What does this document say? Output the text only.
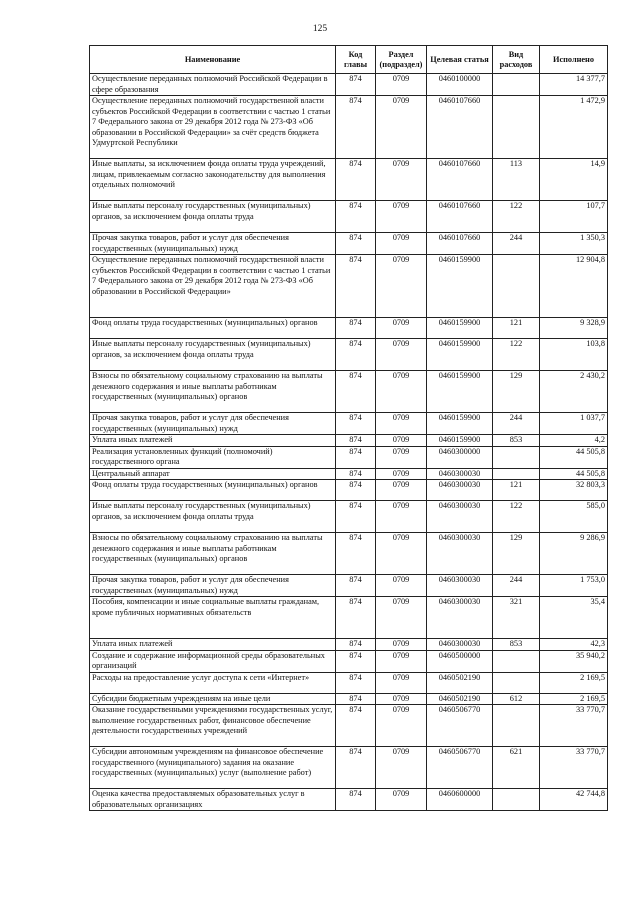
125
Наименование	Код главы	Раздел (подраздел)	Целевая статья	Вид расходов	Исполнено
Осуществление переданных полномочий Российской Федерации в сфере образования	874	0709	0460100000		14 377,7
Осуществление переданных полномочий государственной власти субъектов Российской Федерации в соответствии с частью 1 статьи 7 Федерального закона от 29 декабря 2012 года № 273-ФЗ «Об образовании в Российской Федерации» за счёт средств бюджета Удмуртской Республики	874	0709	0460107660		1 472,9
Иные выплаты, за исключением фонда оплаты труда учреждений, лицам, привлекаемым согласно законодательству для выполнения отдельных полномочий	874	0709	0460107660	113	14,9
Иные выплаты персоналу государственных (муниципальных) органов, за исключением фонда оплаты труда	874	0709	0460107660	122	107,7
Прочая закупка товаров, работ и услуг для обеспечения государственных (муниципальных) нужд	874	0709	0460107660	244	1 350,3
Осуществление переданных полномочий государственной власти субъектов Российской Федерации в соответствии с частью 1 статьи 7 Федерального закона от 29 декабря 2012 года № 273-ФЗ «Об образовании в Российской Федерации»	874	0709	0460159900		12 904,8
Фонд оплаты труда государственных (муниципальных) органов	874	0709	0460159900	121	9 328,9
Иные выплаты персоналу государственных (муниципальных) органов, за исключением фонда оплаты труда	874	0709	0460159900	122	103,8
Взносы по обязательному социальному страхованию на выплаты денежного содержания и иные выплаты работникам государственных (муниципальных) органов	874	0709	0460159900	129	2 430,2
Прочая закупка товаров, работ и услуг для обеспечения государственных (муниципальных) нужд	874	0709	0460159900	244	1 037,7
Уплата иных платежей	874	0709	0460159900	853	4,2
Реализация установленных функций (полномочий) государственного органа	874	0709	0460300000		44 505,8
Центральный аппарат	874	0709	0460300030		44 505,8
Фонд оплаты труда государственных (муниципальных) органов	874	0709	0460300030	121	32 803,3
Иные выплаты персоналу государственных (муниципальных) органов, за исключением фонда оплаты труда	874	0709	0460300030	122	585,0
Взносы по обязательному социальному страхованию на выплаты денежного содержания и иные выплаты работникам государственных (муниципальных) органов	874	0709	0460300030	129	9 286,9
Прочая закупка товаров, работ и услуг для обеспечения государственных (муниципальных) нужд	874	0709	0460300030	244	1 753,0
Пособия, компенсации и иные социальные выплаты гражданам, кроме публичных нормативных обязательств	874	0709	0460300030	321	35,4
Уплата иных платежей	874	0709	0460300030	853	42,3
Создание и содержание информационной среды образовательных организаций	874	0709	0460500000		35 940,2
Расходы на предоставление услуг доступа к сети «Интернет»	874	0709	0460502190		2 169,5
Субсидии бюджетным учреждениям на иные цели	874	0709	0460502190	612	2 169,5
Оказание государственными учреждениями государственных услуг, выполнение государственных работ, финансовое обеспечение деятельности государственных учреждений	874	0709	0460506770		33 770,7
Субсидии автономным учреждениям на финансовое обеспечение государственного (муниципального) задания на оказание государственных (муниципальных) услуг (выполнение работ)	874	0709	0460506770	621	33 770,7
Оценка качества предоставляемых образовательных услуг в образовательных организациях	874	0709	0460600000		42 744,8
